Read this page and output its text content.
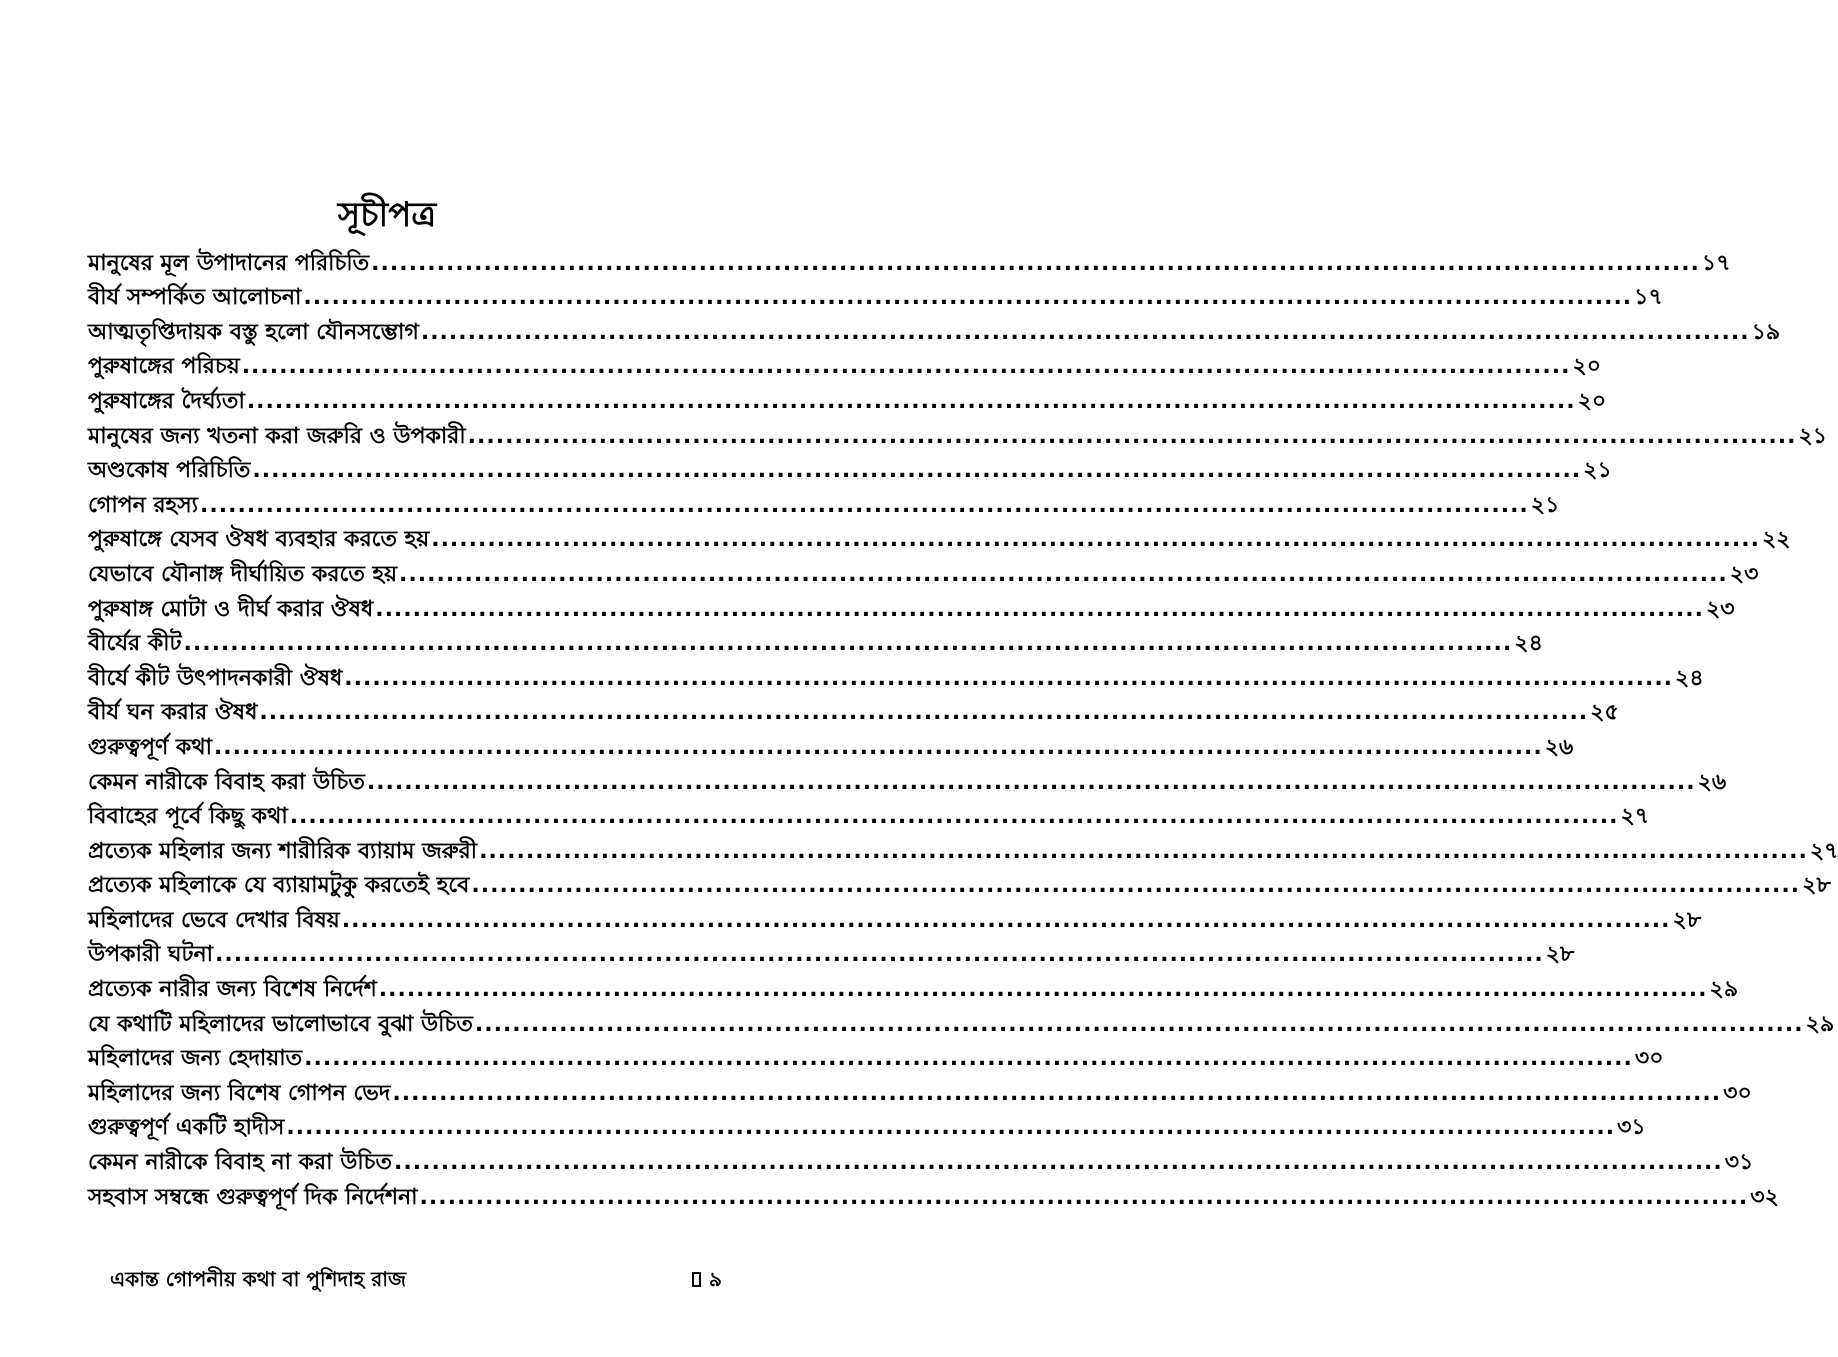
সূচীপত্র
মানুষের মূল উপাদানের পরিচিতি .............................................................................................................................................. ১৭
বীর্য সম্পর্কিত আলোচনা .............................................................................................................................................. ১৭
আত্মতৃপ্তিদায়ক বস্তু হলো যৌনসম্ভোগ .............................................................................................................................................. ১৯
পুরুষাঙ্গের পরিচয় .............................................................................................................................................. ২০
পুরুষাঙ্গের দৈর্ঘ্যতা .............................................................................................................................................. ২০
মানুষের জন্য খতনা করা জরুরি ও উপকারী .............................................................................................................................................. ২১
অণ্ডকোষ পরিচিতি .............................................................................................................................................. ২১
গোপন রহস্য .............................................................................................................................................. ২১
পুরুষাঙ্গে যেসব ঔষধ ব্যবহার করতে হয় .............................................................................................................................................. ২২
যেভাবে যৌনাঙ্গ দীর্ঘায়িত করতে হয় .............................................................................................................................................. ২৩
পুরুষাঙ্গ মোটা ও দীর্ঘ করার ঔষধ .............................................................................................................................................. ২৩
বীর্যের কীট .............................................................................................................................................. ২৪
বীর্যে কীট উৎপাদনকারী ঔষধ .............................................................................................................................................. ২৪
বীর্য ঘন করার ঔষধ .............................................................................................................................................. ২৫
গুরুত্বপূর্ণ কথা .............................................................................................................................................. ২৬
কেমন নারীকে বিবাহ করা উচিত .............................................................................................................................................. ২৬
বিবাহের পূর্বে কিছু কথা .............................................................................................................................................. ২৭
প্রত্যেক মহিলার জন্য শারীরিক ব্যায়াম জরুরী .............................................................................................................................................. ২৭
প্রত্যেক মহিলাকে যে ব্যায়ামটুকু করতেই হবে .............................................................................................................................................. ২৮
মহিলাদের ভেবে দেখার বিষয় .............................................................................................................................................. ২৮
উপকারী ঘটনা .............................................................................................................................................. ২৮
প্রত্যেক নারীর জন্য বিশেষ নির্দেশ .............................................................................................................................................. ২৯
যে কথাটি মহিলাদের ভালোভাবে বুঝা উচিত .............................................................................................................................................. ২৯
মহিলাদের জন্য হেদায়াত .............................................................................................................................................. ৩০
মহিলাদের জন্য বিশেষ গোপন ভেদ .............................................................................................................................................. ৩০
গুরুত্বপূর্ণ একটি হাদীস .............................................................................................................................................. ৩১
কেমন নারীকে বিবাহ না করা উচিত .............................................................................................................................................. ৩১
সহবাস সম্বন্ধে গুরুত্বপূর্ণ দিক নির্দেশনা .............................................................................................................................................. ৩২
একান্ত গোপনীয় কথা বা পুশিদাহ রাজ	৯
